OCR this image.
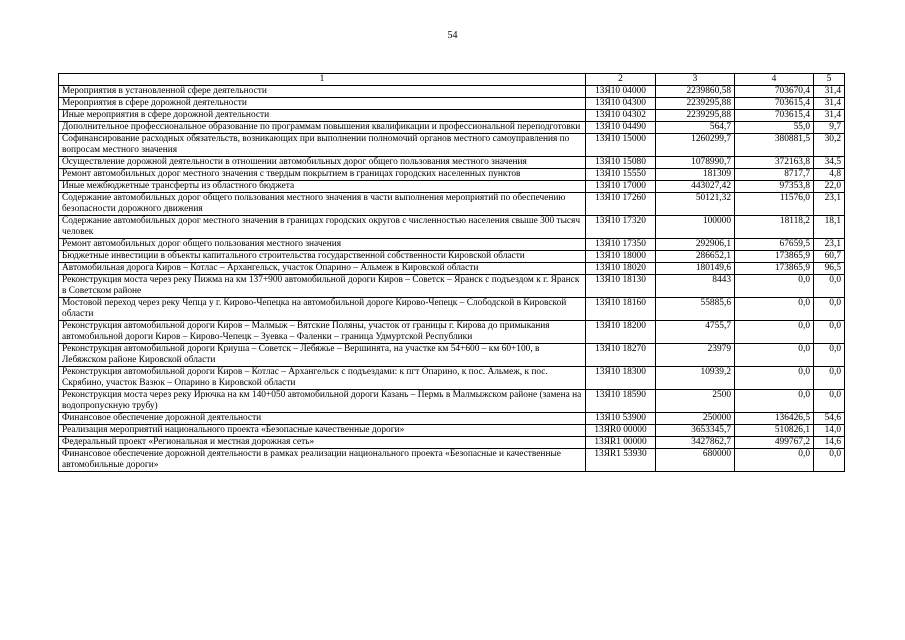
54
1	2	3	4	5
Мероприятия в установленной сфере деятельности	13Я10 04000	2239860,58	703670,4	31,4
Мероприятия в сфере дорожной деятельности	13Я10 04300	2239295,88	703615,4	31,4
Иные мероприятия в сфере дорожной деятельности	13Я10 04302	2239295,88	703615,4	31,4
Дополнительное профессиональное образование по программам повышения квалификации и профессиональной переподготовки	13Я10 04490	564,7	55,0	9,7
Софинансирование расходных обязательств, возникающих при выполнении полномочий органов местного самоуправления по вопросам местного значения	13Я10 15000	1260299,7	380881,5	30,2
Осуществление дорожной деятельности в отношении автомобильных дорог общего пользования местного значения	13Я10 15080	1078990,7	372163,8	34,5
Ремонт автомобильных дорог местного значения с твердым покрытием в границах городских населенных пунктов	13Я10 15550	181309	8717,7	4,8
Иные межбюджетные трансферты из областного бюджета	13Я10 17000	443027,42	97353,8	22,0
Содержание автомобильных дорог общего пользования местного значения в части выполнения мероприятий по обеспечению безопасности дорожного движения	13Я10 17260	50121,32	11576,0	23,1
Содержание автомобильных дорог местного значения в границах городских округов с численностью населения свыше 300 тысяч человек	13Я10 17320	100000	18118,2	18,1
Ремонт автомобильных дорог общего пользования местного значения	13Я10 17350	292906,1	67659,5	23,1
Бюджетные инвестиции в объекты капитального строительства государственной собственности Кировской области	13Я10 18000	286652,1	173865,9	60,7
Автомобильная дорога Киров – Котлас – Архангельск, участок Опарино – Альмеж в Кировской области	13Я10 18020	180149,6	173865,9	96,5
Реконструкция моста через реку Пижма на км 137+900 автомобильной дороги Киров – Советск – Яранск с подъездом к г. Яранск в Советском районе	13Я10 18130	8443	0,0	0,0
Мостовой переход через реку Чепца у г. Кирово-Чепецка на автомобильной дороге Кирово-Чепецк – Слободской в Кировской области	13Я10 18160	55885,6	0,0	0,0
Реконструкция автомобильной дороги Киров – Малмыж – Вятские Поляны, участок от границы г. Кирова до примыкания автомобильной дороги Киров – Кирово-Чепецк – Зуевка – Фаленки – граница Удмуртской Республики	13Я10 18200	4755,7	0,0	0,0
Реконструкция автомобильной дороги Криуша – Советск – Лебяжье – Вершинята, на участке км 54+600 – км 60+100, в Лебяжском районе Кировской области	13Я10 18270	23979	0,0	0,0
Реконструкция автомобильной дороги Киров – Котлас – Архангельск с подъездами: к пгт Опарино, к пос. Альмеж, к пос. Скрябино, участок Вазюк – Опарино в Кировской области	13Я10 18300	10939,2	0,0	0,0
Реконструкция моста через реку Ирючка на км 140+050 автомобильной дороги Казань – Пермь в Малмыжском районе (замена на водопропускную трубу)	13Я10 18590	2500	0,0	0,0
Финансовое обеспечение дорожной деятельности	13Я10 53900	250000	136426,5	54,6
Реализация мероприятий национального проекта «Безопасные качественные дороги»	13ЯR0 00000	3653345,7	510826,1	14,0
Федеральный проект «Региональная и местная дорожная сеть»	13ЯR1 00000	3427862,7	499767,2	14,6
Финансовое обеспечение дорожной деятельности в рамках реализации национального проекта «Безопасные и качественные автомобильные дороги»	13ЯR1 53930	680000	0,0	0,0
